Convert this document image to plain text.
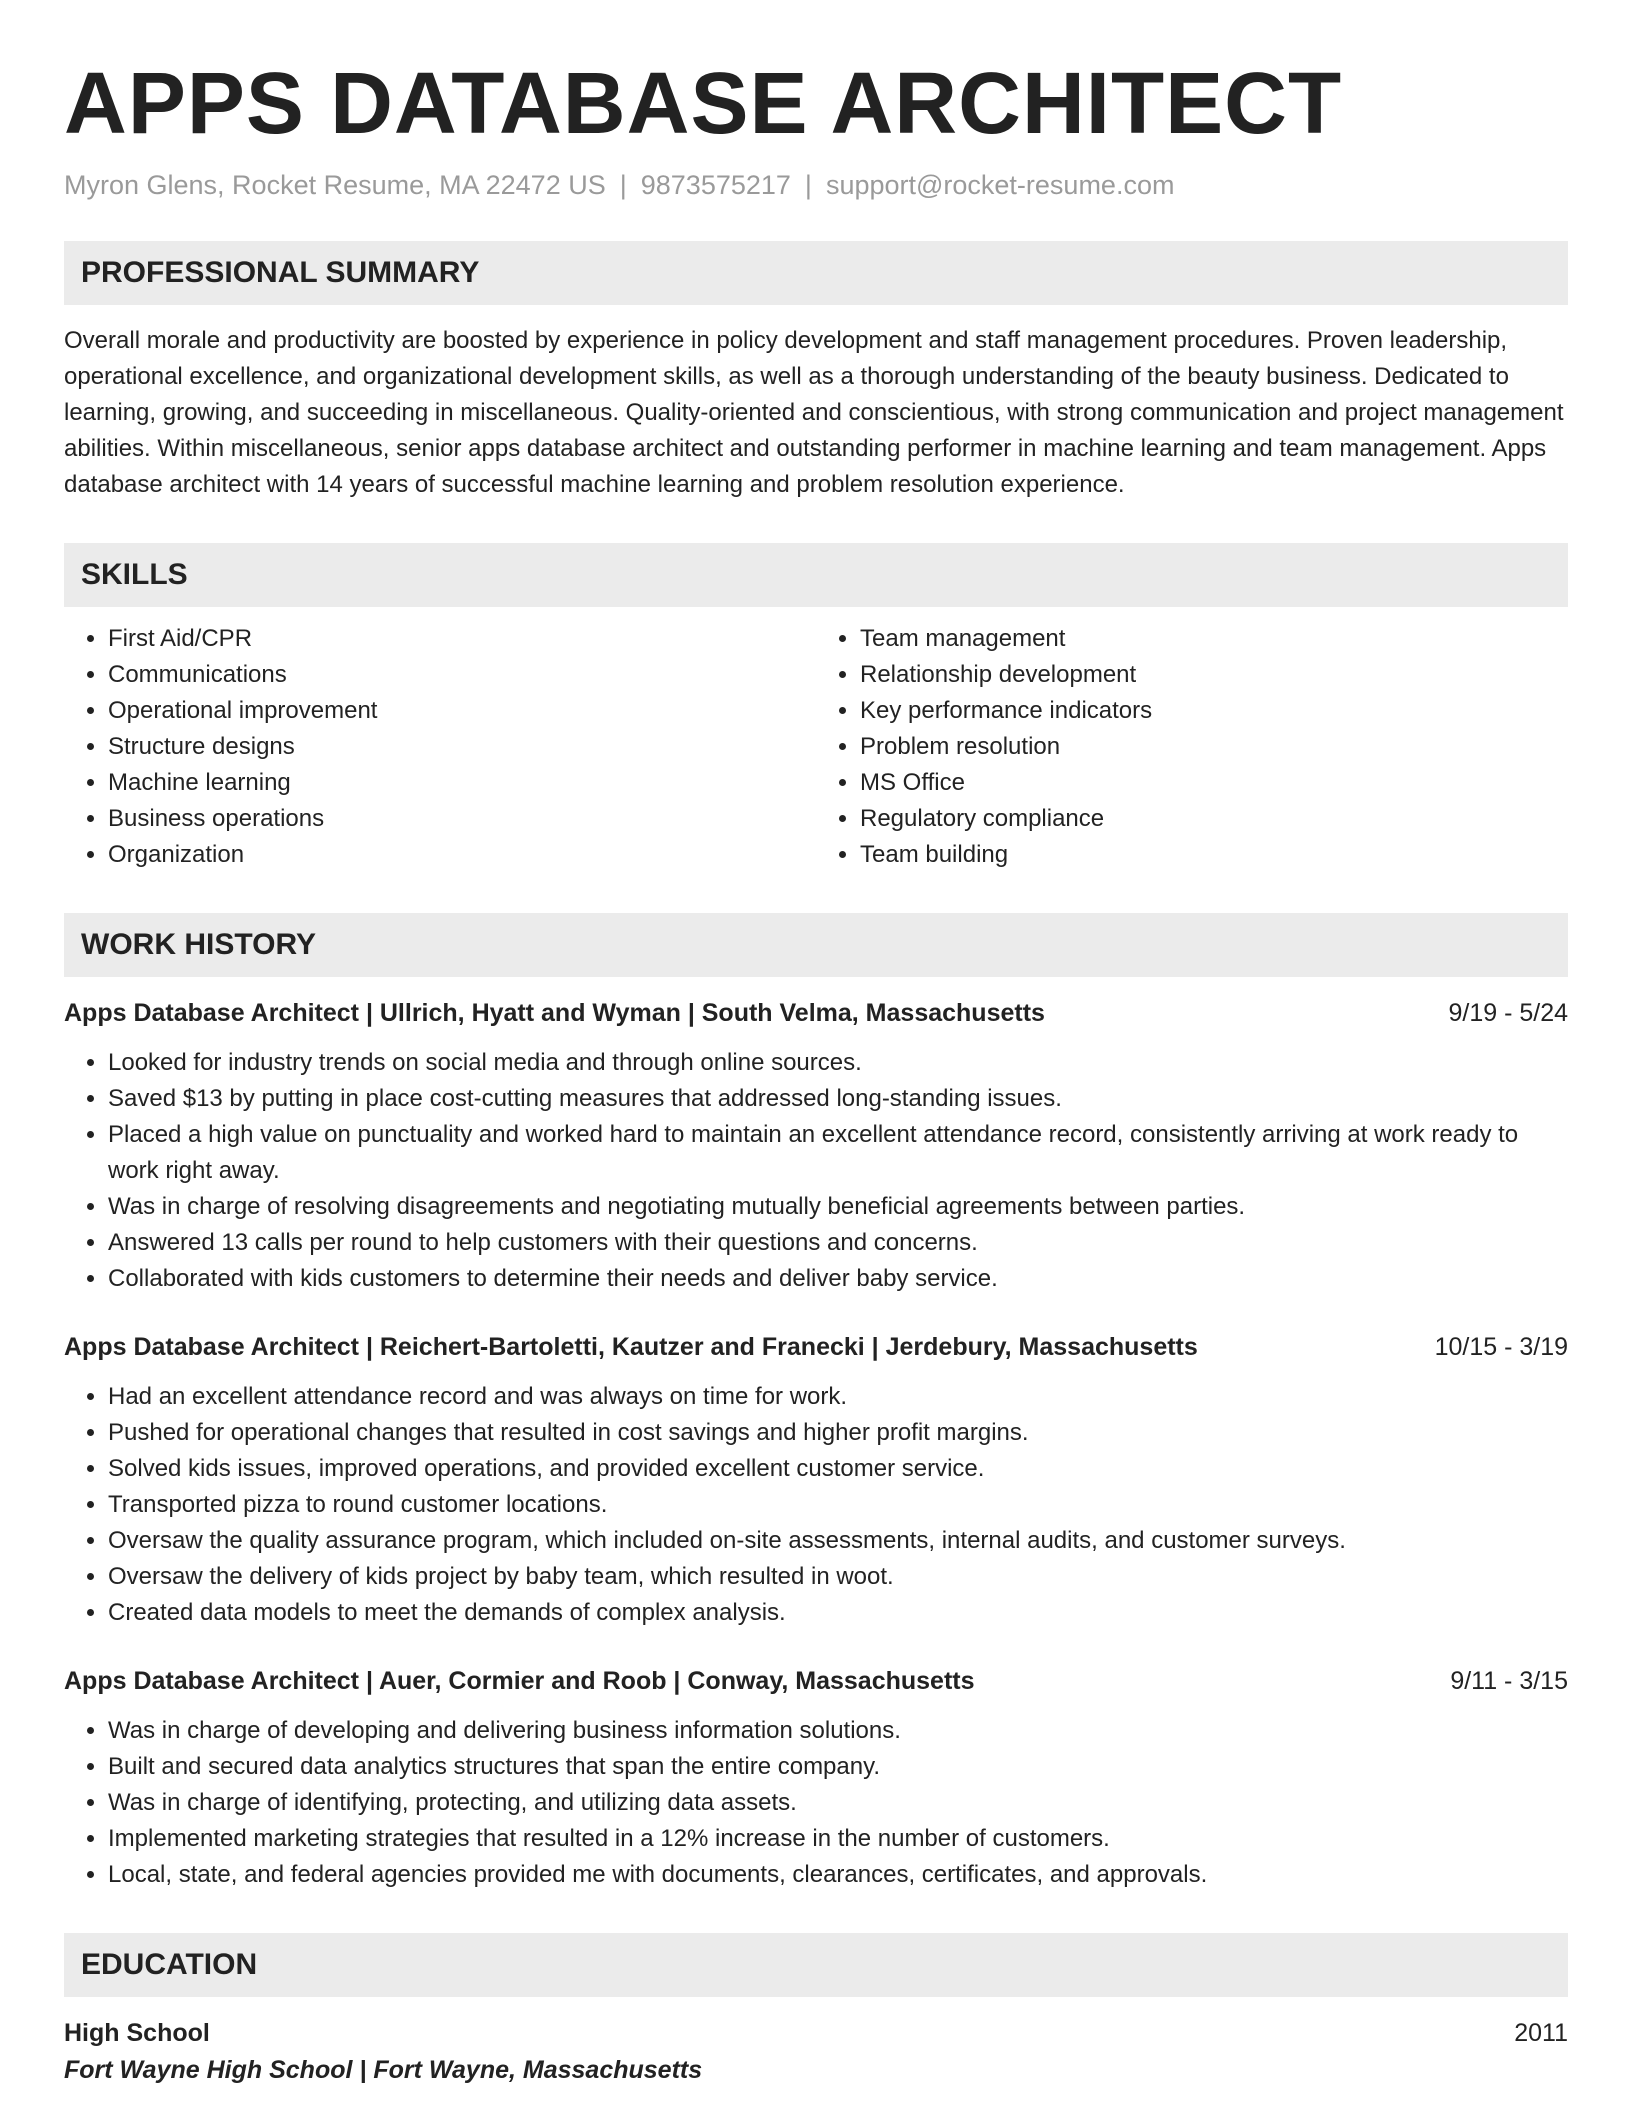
APPS DATABASE ARCHITECT
Myron Glens, Rocket Resume, MA 22472 US | 9873575217 | support@rocket-resume.com
PROFESSIONAL SUMMARY
Overall morale and productivity are boosted by experience in policy development and staff management procedures. Proven leadership, operational excellence, and organizational development skills, as well as a thorough understanding of the beauty business. Dedicated to learning, growing, and succeeding in miscellaneous. Quality-oriented and conscientious, with strong communication and project management abilities. Within miscellaneous, senior apps database architect and outstanding performer in machine learning and team management. Apps database architect with 14 years of successful machine learning and problem resolution experience.
SKILLS
• First Aid/CPR
• Communications
• Operational improvement
• Structure designs
• Machine learning
• Business operations
• Organization
• Team management
• Relationship development
• Key performance indicators
• Problem resolution
• MS Office
• Regulatory compliance
• Team building
WORK HISTORY
Apps Database Architect | Ullrich, Hyatt and Wyman | South Velma, Massachusetts	9/19 - 5/24
• Looked for industry trends on social media and through online sources.
• Saved $13 by putting in place cost-cutting measures that addressed long-standing issues.
• Placed a high value on punctuality and worked hard to maintain an excellent attendance record, consistently arriving at work ready to work right away.
• Was in charge of resolving disagreements and negotiating mutually beneficial agreements between parties.
• Answered 13 calls per round to help customers with their questions and concerns.
• Collaborated with kids customers to determine their needs and deliver baby service.
Apps Database Architect | Reichert-Bartoletti, Kautzer and Franecki | Jerdebury, Massachusetts	10/15 - 3/19
• Had an excellent attendance record and was always on time for work.
• Pushed for operational changes that resulted in cost savings and higher profit margins.
• Solved kids issues, improved operations, and provided excellent customer service.
• Transported pizza to round customer locations.
• Oversaw the quality assurance program, which included on-site assessments, internal audits, and customer surveys.
• Oversaw the delivery of kids project by baby team, which resulted in woot.
• Created data models to meet the demands of complex analysis.
Apps Database Architect | Auer, Cormier and Roob | Conway, Massachusetts	9/11 - 3/15
• Was in charge of developing and delivering business information solutions.
• Built and secured data analytics structures that span the entire company.
• Was in charge of identifying, protecting, and utilizing data assets.
• Implemented marketing strategies that resulted in a 12% increase in the number of customers.
• Local, state, and federal agencies provided me with documents, clearances, certificates, and approvals.
EDUCATION
High School	2011
Fort Wayne High School | Fort Wayne, Massachusetts
